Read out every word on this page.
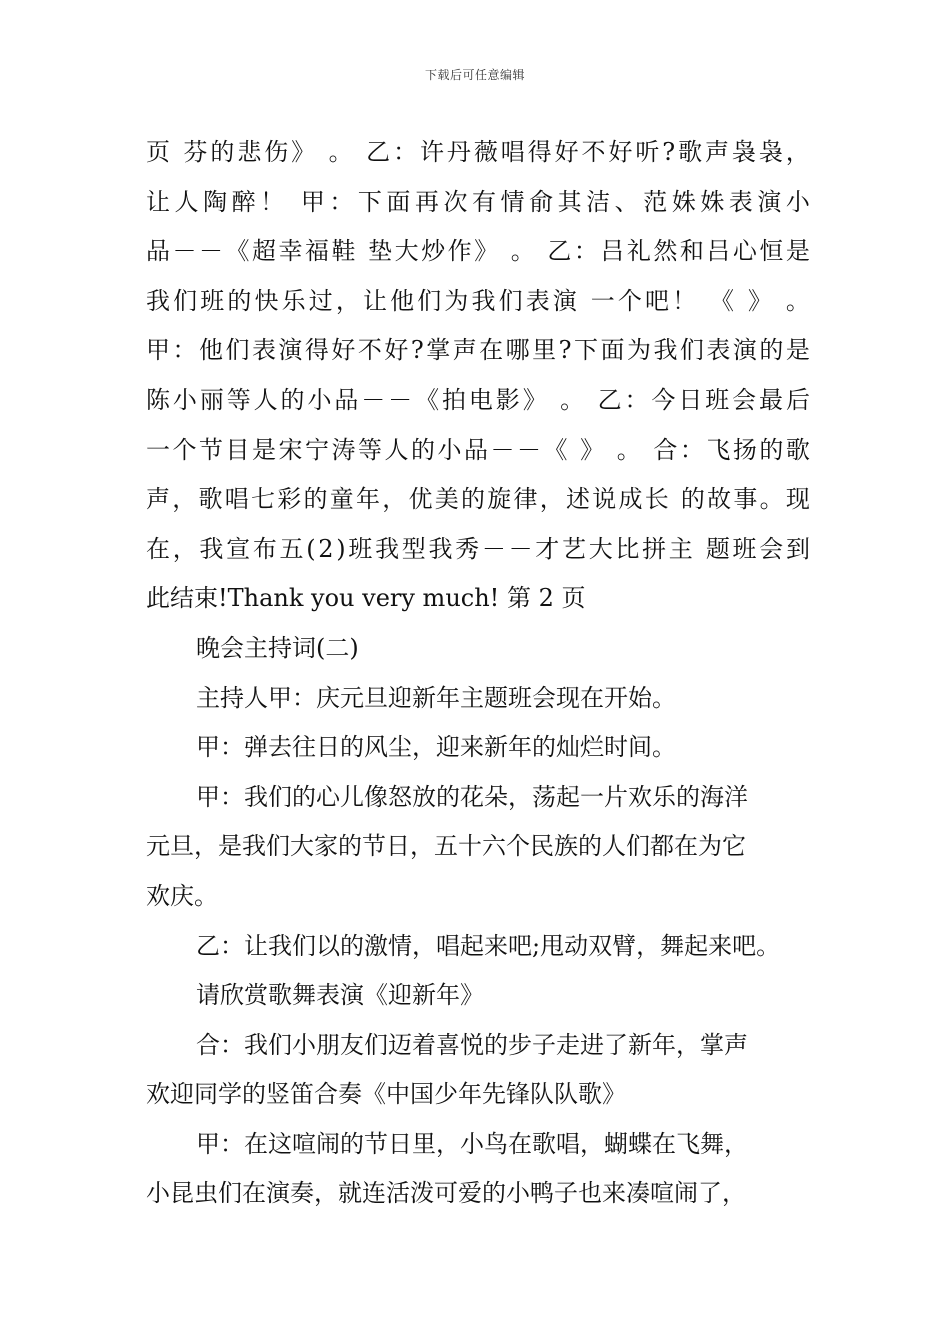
下载后可任意编辑
页
芬 的 悲 伤 》
。
乙 ： 许 丹 薇 唱 得 好 不 好 听 ? 歌 声 袅 袅 ，
让 人 陶 醉 ！
甲 ： 下 面 再 次 有 情 俞 其 洁 、 范 姝 姝 表 演 小
品 － － 《 超 幸 福 鞋
垫 大 炒 作 》
。
乙 ： 吕 礼 然 和 吕 心 恒 是
我 们 班 的 快 乐 过 ， 让 他 们 为 我 们 表 演
一 个 吧 ！
《
》
。
甲 ： 他 们 表 演 得 好 不 好 ? 掌 声 在 哪 里 ? 下 面 为 我 们 表 演 的 是
陈 小 丽 等 人 的 小 品 － － 《 拍 电 影 》
。
乙 ： 今 日 班 会 最 后
一 个 节 目 是 宋 宁 涛 等 人 的 小 品 － － 《
》
。
合 ： 飞 扬 的 歌
声 ， 歌 唱 七 彩 的 童 年 ， 优 美 的 旋 律 ， 述 说 成 长
的 故 事 。 现
在 ， 我 宣 布 五 ( 2 ) 班 我 型 我 秀 － － 才 艺 大 比 拼 主
题 班 会 到
此结束!Thank you very much! 第 2 页
晚会主持词(二)
主持人甲：庆元旦迎新年主题班会现在开始。
甲：弹去往日的风尘，迎来新年的灿烂时间。
甲：我们的心儿像怒放的花朵，荡起一片欢乐的海洋
元旦，是我们大家的节日，五十六个民族的人们都在为它
欢庆。
乙：让我们以的激情，唱起来吧;甩动双臂，舞起来吧。
请欣赏歌舞表演《迎新年》
合：我们小朋友们迈着喜悦的步子走进了新年，掌声
欢迎同学的竖笛合奏《中国少年先锋队队歌》
甲：在这喧闹的节日里，小鸟在歌唱，蝴蝶在飞舞，
小昆虫们在演奏，就连活泼可爱的小鸭子也来凑喧闹了，
